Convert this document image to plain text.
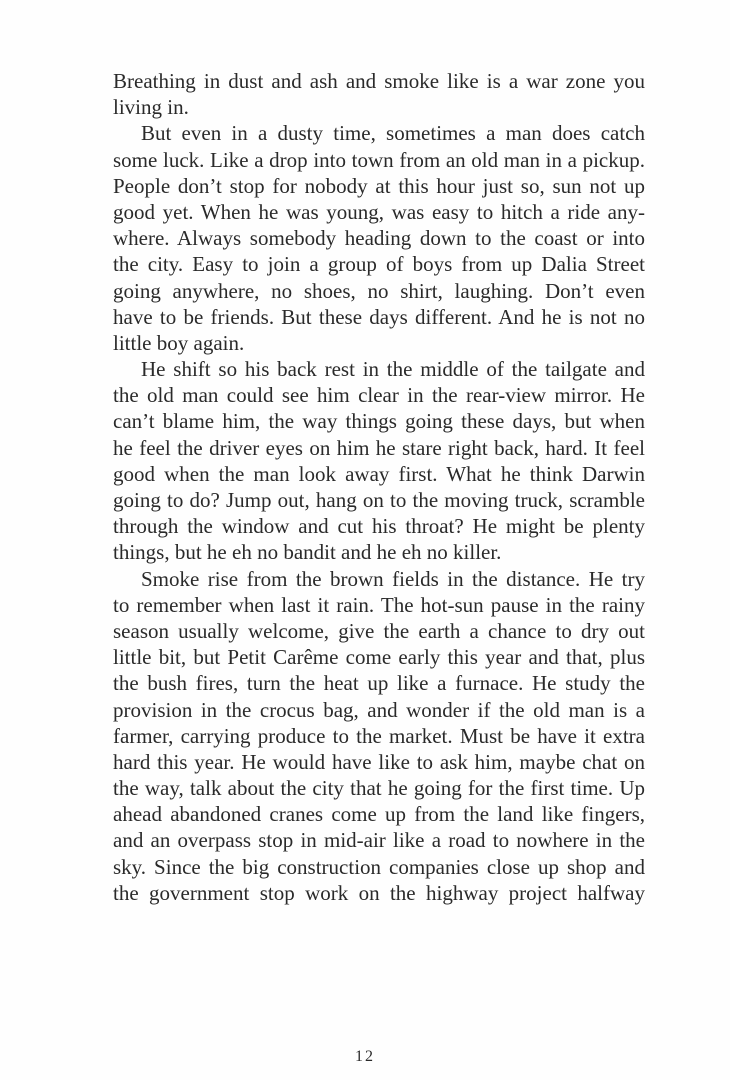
Breathing in dust and ash and smoke like is a war zone you
living in.
But even in a dusty time, sometimes a man does catch
some luck. Like a drop into town from an old man in a pickup.
People don’t stop for nobody at this hour just so, sun not up
good yet. When he was young, was easy to hitch a ride any-
where. Always somebody heading down to the coast or into
the city. Easy to join a group of boys from up Dalia Street
going anywhere, no shoes, no shirt, laughing. Don’t even
have to be friends. But these days different. And he is not no
little boy again.
He shift so his back rest in the middle of the tailgate and
the old man could see him clear in the rear-view mirror. He
can’t blame him, the way things going these days, but when
he feel the driver eyes on him he stare right back, hard. It feel
good when the man look away first. What he think Darwin
going to do? Jump out, hang on to the moving truck, scramble
through the window and cut his throat? He might be plenty
things, but he eh no bandit and he eh no killer.
Smoke rise from the brown fields in the distance. He try
to remember when last it rain. The hot-sun pause in the rainy
season usually welcome, give the earth a chance to dry out
little bit, but Petit Carême come early this year and that, plus
the bush fires, turn the heat up like a furnace. He study the
provision in the crocus bag, and wonder if the old man is a
farmer, carrying produce to the market. Must be have it extra
hard this year. He would have like to ask him, maybe chat on
the way, talk about the city that he going for the first time. Up
ahead abandoned cranes come up from the land like fingers,
and an overpass stop in mid-air like a road to nowhere in the
sky. Since the big construction companies close up shop and
the government stop work on the highway project halfway
12
